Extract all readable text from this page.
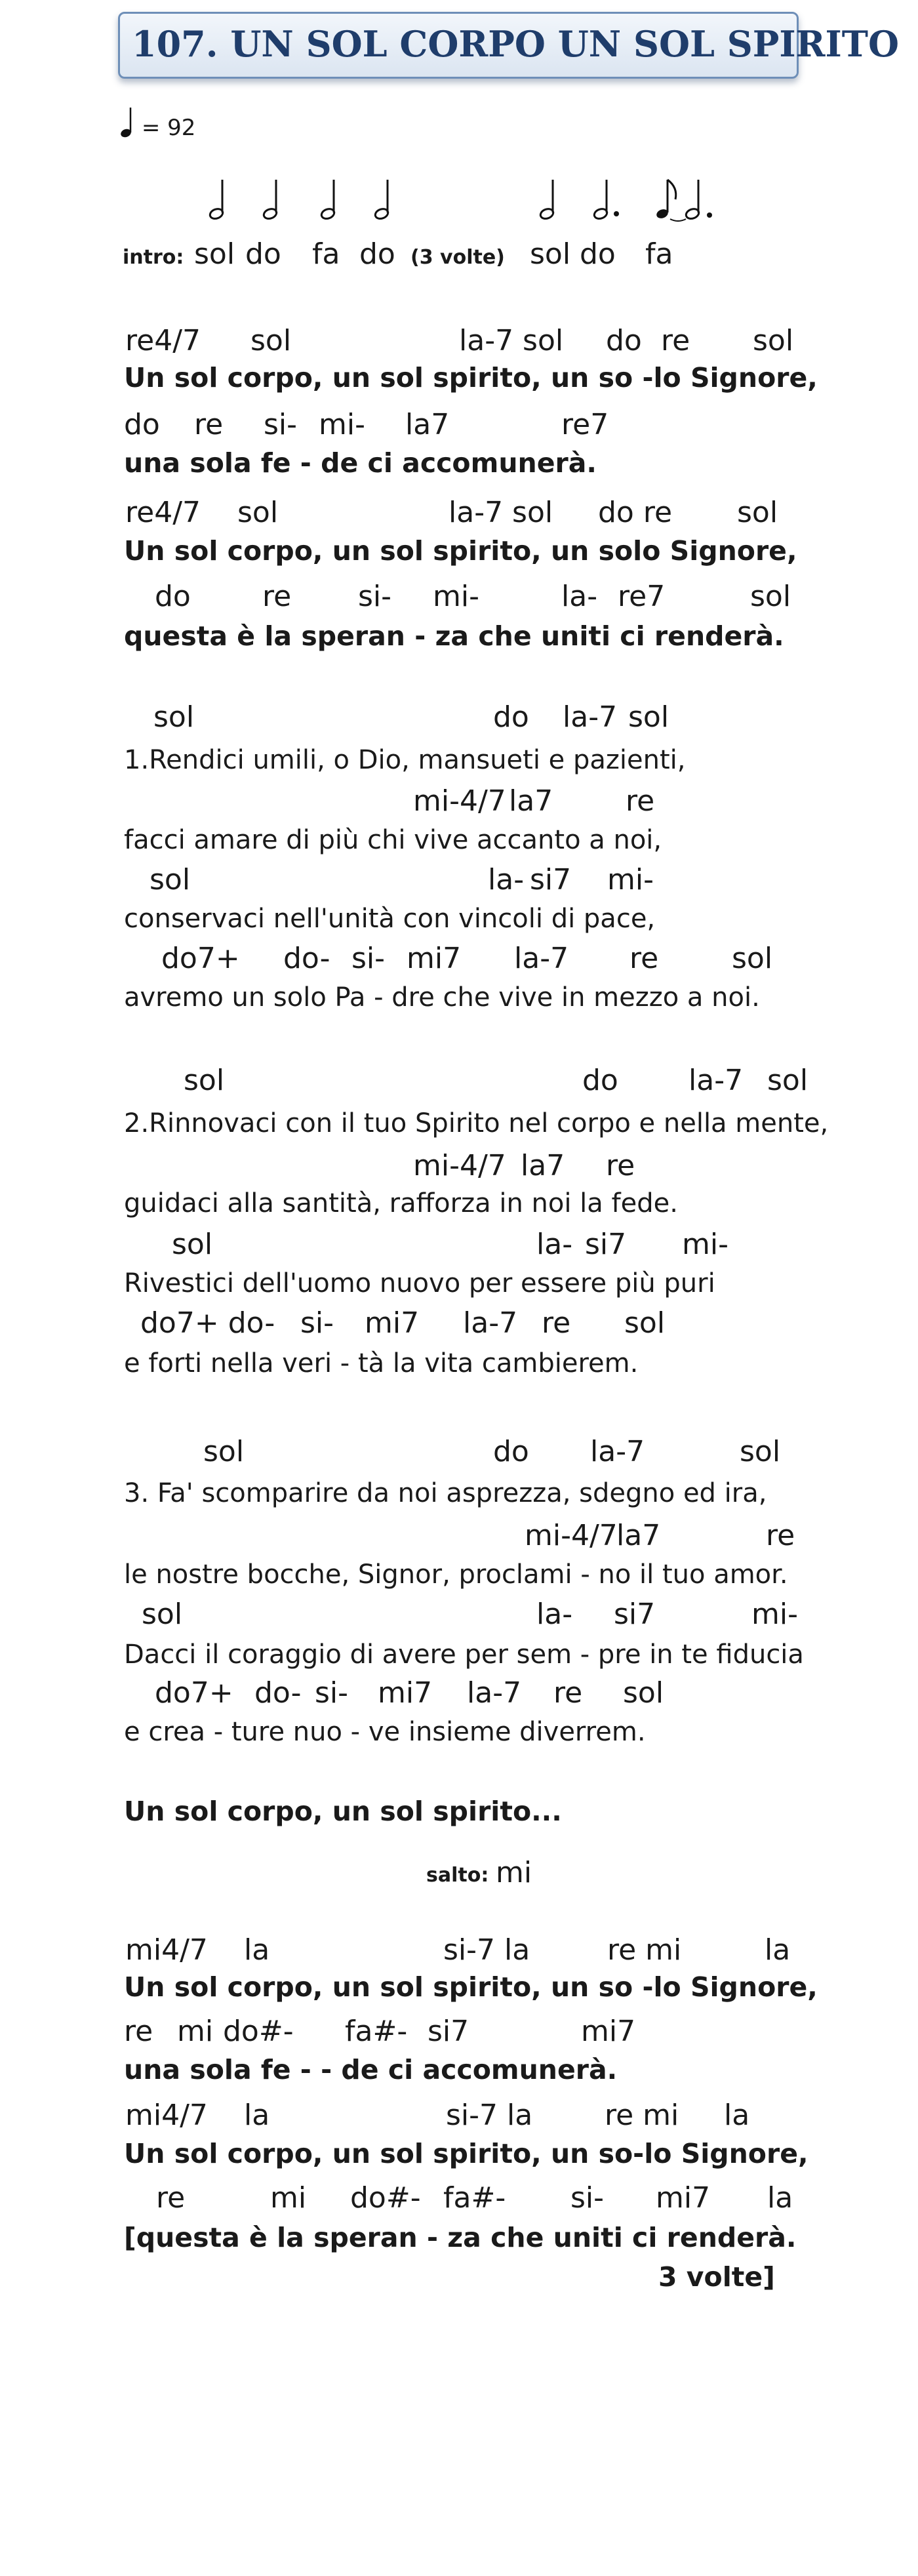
107. UN SOL CORPO UN SOL SPIRITO
= 92
intro: sol do fa do (3 volte) sol do fa
re4/7 sol	la-7 sol do re sol
Un sol corpo, un sol spirito, un so -lo Signore,
do re si- mi- la7	re7
una sola fe - de ci accomunerà.
re4/7 sol	la-7 sol do re sol
Un sol corpo, un sol spirito, un solo Signore,
do re si- mi-	la- re7	sol
questa è la speran - za che uniti ci renderà.
sol	do la-7 sol
1.Rendici umili, o Dio, mansueti e pazienti,
mi-4/7 la7	re
facci amare di più chi vive accanto a noi,
sol	la- si7 mi-
conservaci nell'unità con vincoli di pace,
do7+ do- si- mi7 la-7 re	sol
avremo un solo Pa - dre che vive in mezzo a noi.
sol	do la-7 sol
2.Rinnovaci con il tuo Spirito nel corpo e nella mente,
mi-4/7 la7 re
guidaci alla santità, rafforza in noi la fede.
sol	la- si7 mi-
Rivestici dell'uomo nuovo per essere più puri
do7+ do- si- mi7 la-7 re sol
e forti nella veri - tà la vita cambierem.
sol	do la-7	sol
3. Fa' scomparire da noi asprezza, sdegno ed ira,
mi-4/7
la7	re
le nostre bocche, Signor, proclami - no il tuo amor.
sol	la- si7	mi-
Dacci il coraggio di avere per sem - pre in te fiducia
do7+ do- si- mi7 la-7 re sol
e crea - ture nuo - ve insieme diverrem.
Un sol corpo, un sol spirito...
salto: mi
mi4/7 la	si-7 la	re mi	la
Un sol corpo, un sol spirito, un so -lo Signore,
re mi do#- fa#- si7	mi7
una sola fe - - de ci accomunerà.
mi4/7 la	si-7 la re mi la
Un sol corpo, un sol spirito, un so-lo Signore,
re	mi do#- fa#- si- mi7 la
[questa è la speran - za che uniti ci renderà.
3 volte]
